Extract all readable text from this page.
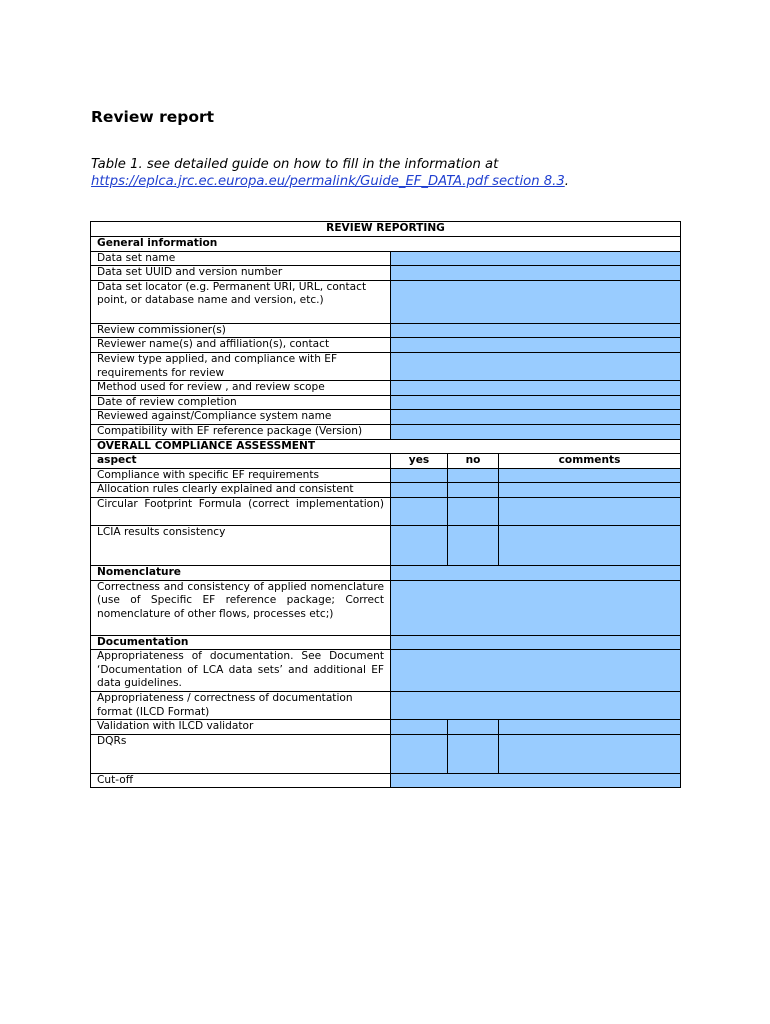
Review report
Table 1. see detailed guide on how to fill in the information at
https://eplca.jrc.ec.europa.eu/permalink/Guide_EF_DATA.pdf section 8.3.
REVIEW REPORTING			
General information			
Data set name			
Data set UUID and version number			
Data set locator (e.g. Permanent URI, URL, contact point, or database name and version, etc.)			
Review commissioner(s)			
Reviewer name(s) and affiliation(s), contact			
Review type applied, and compliance with EF requirements for review			
Method used for review , and review scope			
Date of review completion			
Reviewed against/Compliance system name			
Compatibility with EF reference package (Version)			
OVERALL COMPLIANCE ASSESSMENT			
aspect	yes	no	comments
Compliance with specific EF requirements			
Allocation rules clearly explained and consistent			

Circular Footprint Formula (correct implementation)			

LCIA results consistency			
Nomenclature			
Correctness and consistency of applied nomenclature (use of Specific EF reference package; Correct nomenclature of other flows, processes etc;)			
Documentation			
Appropriateness of documentation. See Document ‘Documentation of LCA data sets’ and additional EF data guidelines.			
Appropriateness / correctness of documentation format (ILCD Format)			
Validation with ILCD validator			
DQRs			
Cut-off			
